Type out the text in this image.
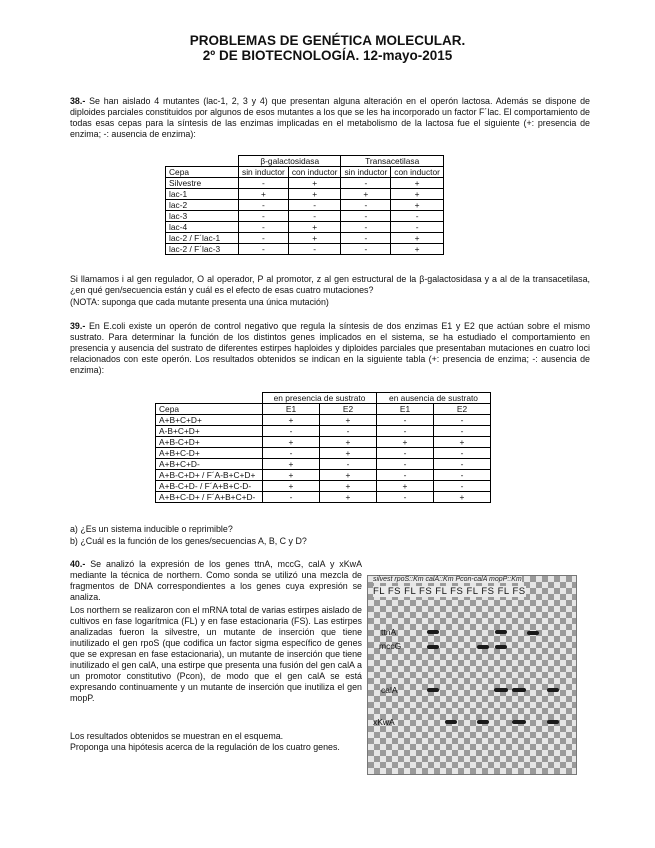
PROBLEMAS DE GENÉTICA MOLECULAR.
2º DE BIOTECNOLOGÍA. 12-mayo-2015

38.- Se han aislado 4 mutantes (lac-1, 2, 3 y 4) que presentan alguna alteración en el operón lactosa. Además se dispone de diploides parciales constituidos por algunos de esos mutantes a los que se les ha incorporado un factor F´lac. El comportamiento de todas esas cepas para la síntesis de las enzimas implicadas en el metabolismo de la lactosa fue el siguiente (+: presencia de enzima; -: ausencia de enzima):

	β-galactosidasa		Transacetilasa	
Cepa	sin inductor	con inductor	sin inductor	con inductor
Silvestre	-	+	-	+
lac-1	+	+	+	+
lac-2	-	-	-	+
lac-3	-	-	-	-
lac-4	-	+	-	-
lac-2 / F´lac-1	-	+	-	+
lac-2 / F´lac-3	-	-	-	+

Si llamamos i al gen regulador, O al operador, P al promotor, z al gen estructural de la β-galactosidasa y a al de la transacetilasa, ¿en qué gen/secuencia están y cuál es el efecto de esas cuatro mutaciones?

(NOTA: suponga que cada mutante presenta una única mutación)

39.- En E.coli existe un operón de control negativo que regula la síntesis de dos enzimas E1 y E2 que actúan sobre el mismo sustrato. Para determinar la función de los distintos genes implicados en el sistema, se ha estudiado el comportamiento en presencia y ausencia del sustrato de diferentes estirpes haploides y diploides parciales que presentaban mutaciones en cuatro loci relacionados con este operón. Los resultados obtenidos se indican en la siguiente tabla (+: presencia de enzima; -: ausencia de enzima):

	en presencia de sustrato		en ausencia de sustrato	
Cepa	E1	E2	E1	E2
A+B+C+D+	+	+	-	-
A-B+C+D+	-	-	-	-
A+B-C+D+	+	+	+	+
A+B+C-D+	-	+	-	-
A+B+C+D-	+	-	-	-
A+B-C+D+ / F´A-B+C+D+	+	+	-	-
A+B-C+D- / F´A+B+C-D-	+	+	+	-
A+B+C-D+ / F´A+B+C+D-	-	+	-	+

a) ¿Es un sistema inducible o reprimible?

b) ¿Cuál es la función de los genes/secuencias A, B, C y D?

40.- Se analizó la expresión de los genes ttnA, mccG, calA y xKwA mediante la técnica de northern. Como sonda se utilizó una mezcla de fragmentos de DNA correspondientes a los genes cuya expresión se analiza.

Los northern se realizaron con el mRNA total de varias estirpes aislado de cultivos en fase logarítmica (FL) y en fase estacionaria (FS). Las estirpes analizadas fueron la silvestre, un mutante de inserción que tiene inutilizado el gen rpoS (que codifica un factor sigma específico de genes que se expresan en fase estacionaria), un mutante de inserción que tiene inutilizado el gen calA, una estirpe que presenta una fusión del gen calA a un promotor constitutivo (Pcon), de modo que el gen calA se está expresando continuamente y un mutante de inserción que inutiliza el gen mopP.

Los resultados obtenidos se muestran en el esquema.

Proponga una hipótesis acerca de la regulación de los cuatro genes.

silvest rpoS::Km calA::Km Pcon-calA mopP::Km
FL FS FL FS FL FS FL FS FL FS
ttnA
mccG
calA
xKwA
